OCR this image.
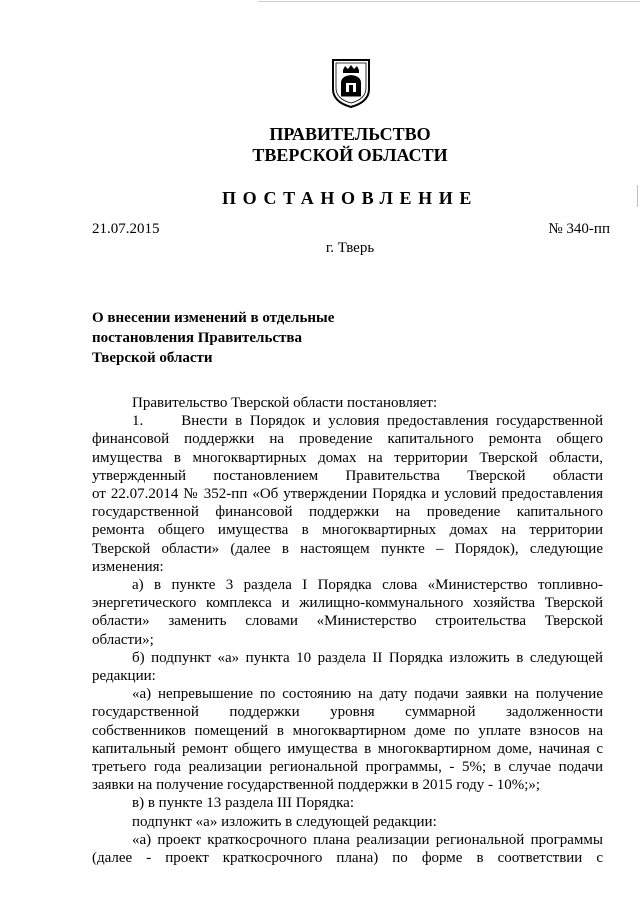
ПРАВИТЕЛЬСТВО
ТВЕРСКОЙ ОБЛАСТИ
ПОСТАНОВЛЕНИЕ
21.07.2015	№ 340-пп
г. Тверь
О внесении изменений в отдельные
постановления Правительства
Тверской области

Правительство Тверской области постановляет:

1.     Внести в Порядок и условия предоставления государственной

финансовой поддержки на проведение капитального ремонта общего

имущества в многоквартирных домах на территории Тверской области,

утвержденный постановлением Правительства Тверской области

от 22.07.2014 № 352-пп «Об утверждении Порядка и условий предоставления

государственной финансовой поддержки на проведение капитального

ремонта общего имущества в многоквартирных домах на территории

Тверской области» (далее в настоящем пункте – Порядок), следующие

изменения:

а) в пункте 3 раздела I Порядка слова «Министерство топливно-

энергетического комплекса и жилищно-коммунального хозяйства Тверской

области» заменить словами «Министерство строительства Тверской

области»;

б) подпункт «а» пункта 10 раздела II Порядка изложить в следующей

редакции:

«а) непревышение по состоянию на дату подачи заявки на получение

государственной поддержки уровня суммарной задолженности

собственников помещений в многоквартирном доме по уплате взносов на

капитальный ремонт общего имущества в многоквартирном доме, начиная с

третьего года реализации региональной программы, - 5%; в случае подачи

заявки на получение государственной поддержки в 2015 году - 10%;»;

в) в пункте 13 раздела III Порядка:

подпункт «а» изложить в следующей редакции:

«а) проект краткосрочного плана реализации региональной программы

(далее - проект краткосрочного плана) по форме в соответствии с
